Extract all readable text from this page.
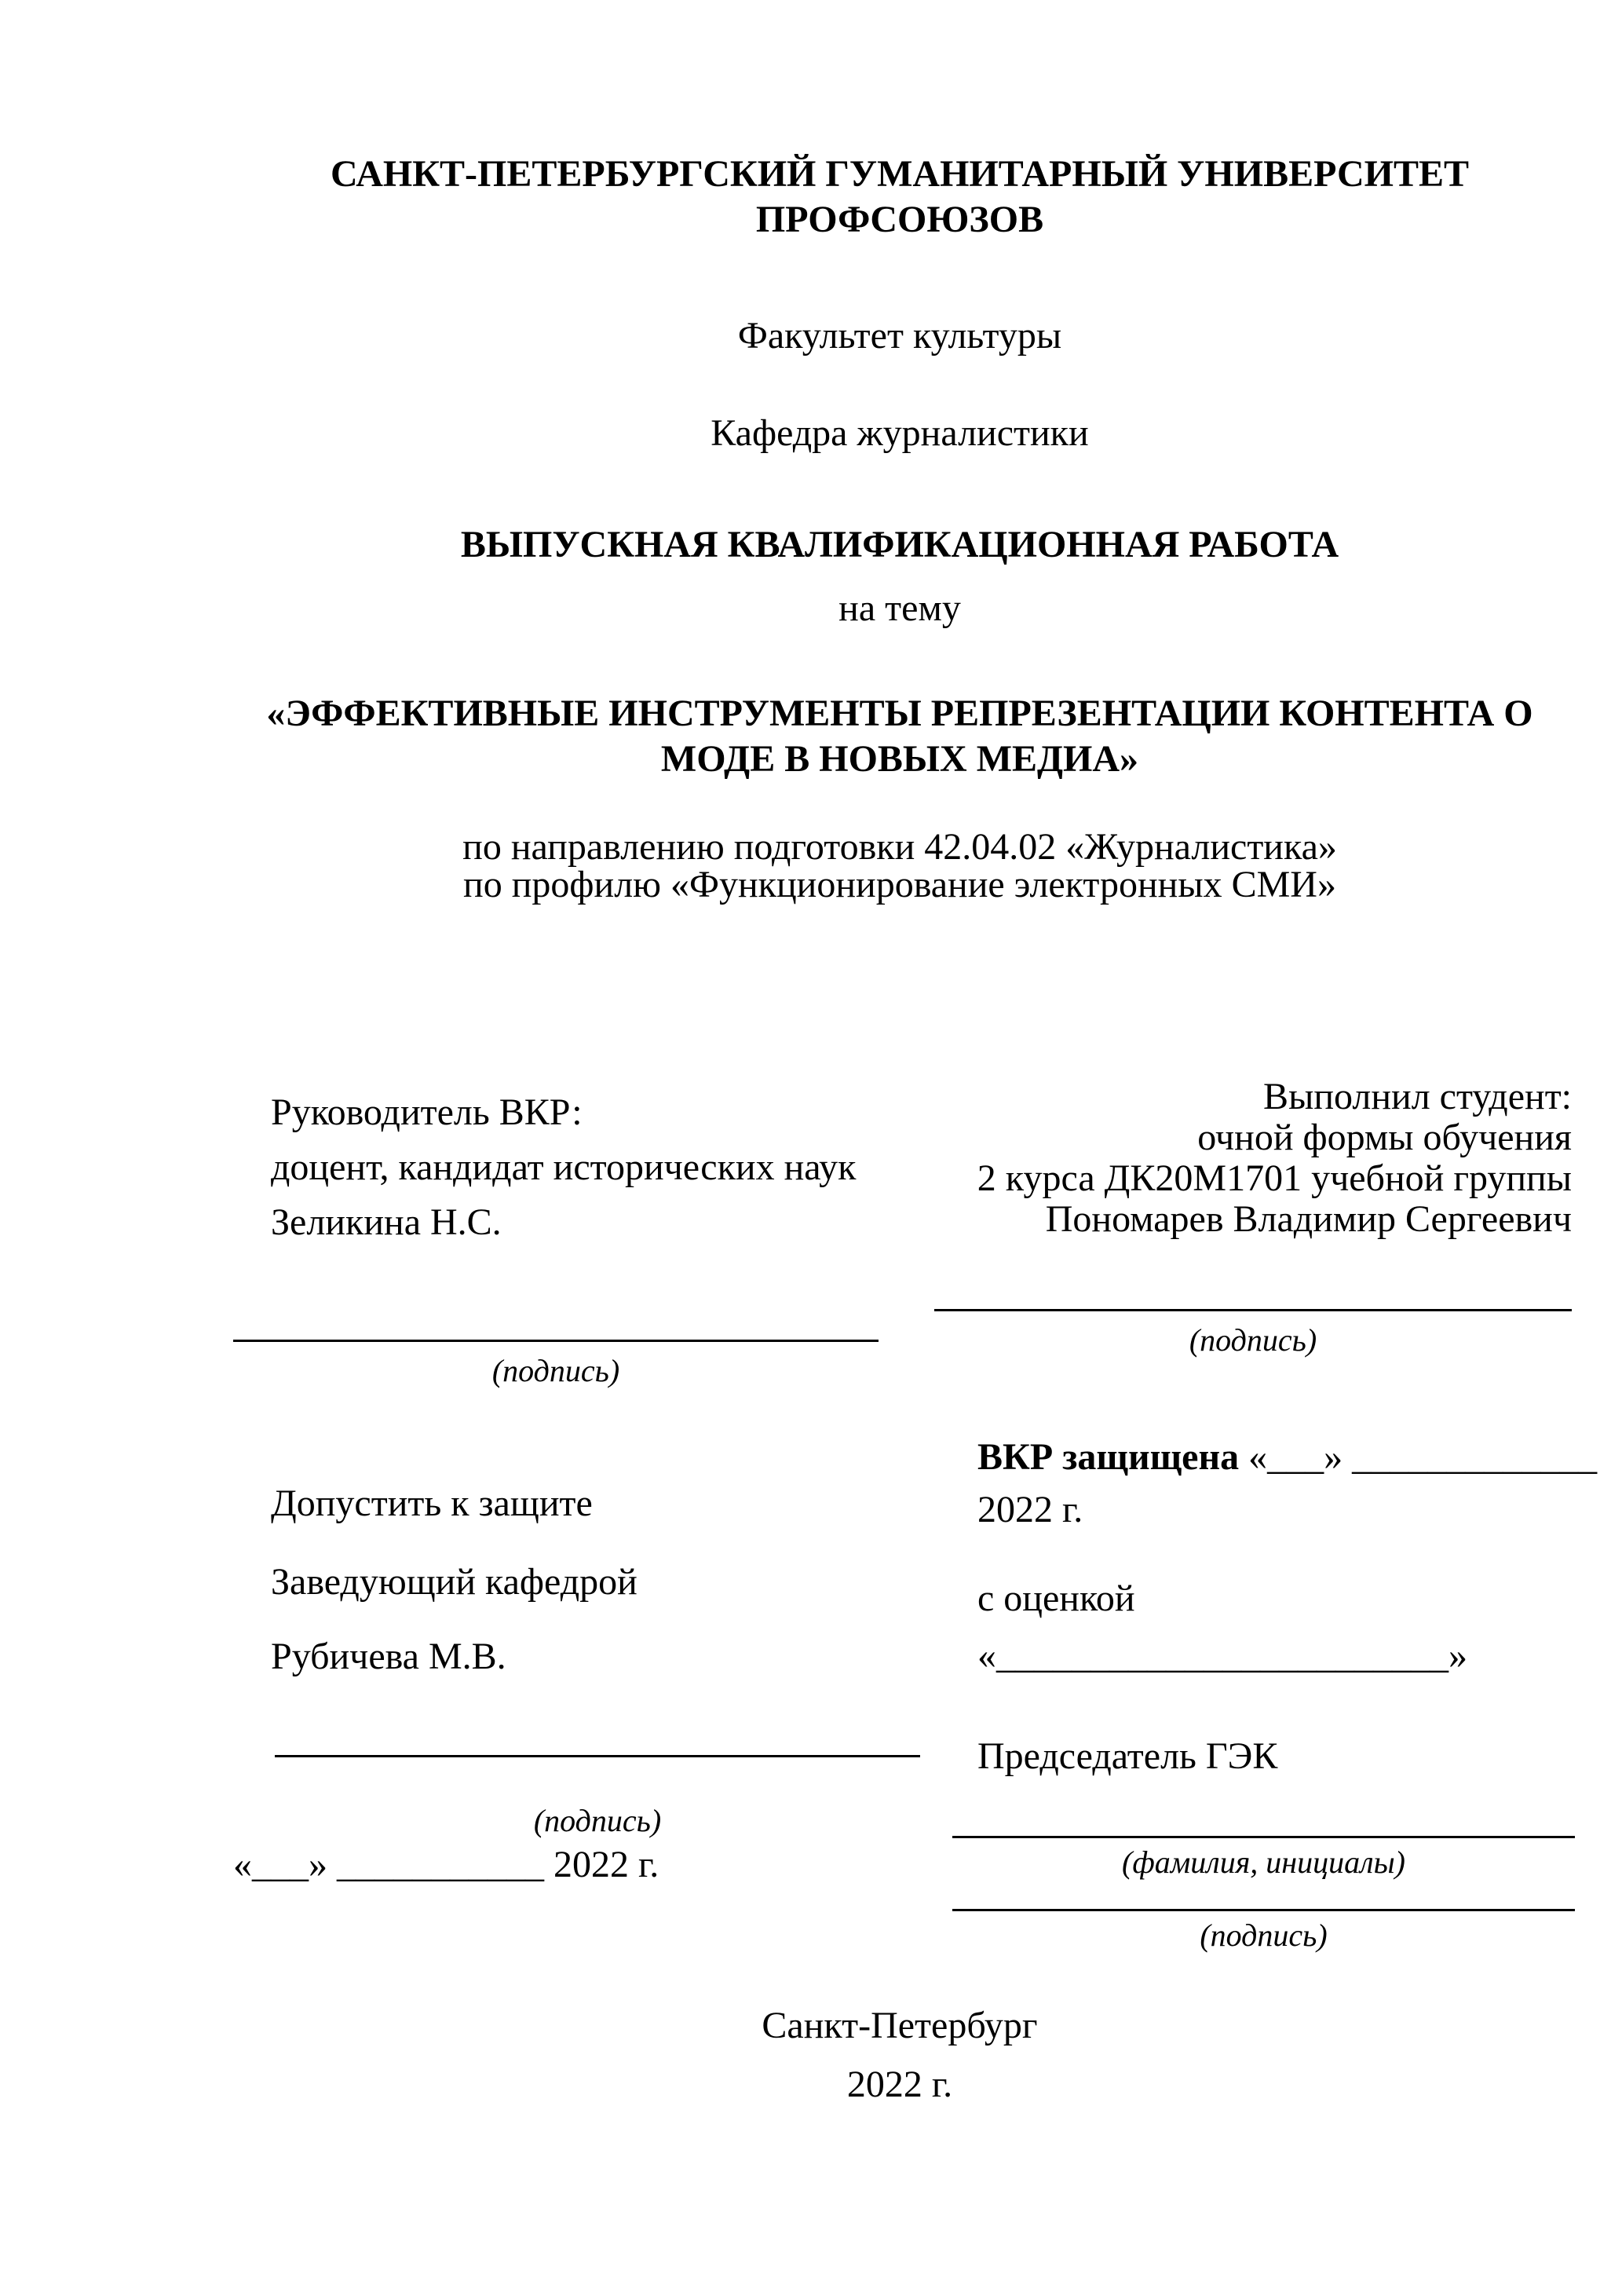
САНКТ-ПЕТЕРБУРГСКИЙ ГУМАНИТАРНЫЙ УНИВЕРСИТЕТ
ПРОФСОЮЗОВ
Факультет культуры
Кафедра журналистики
ВЫПУСКНАЯ КВАЛИФИКАЦИОННАЯ РАБОТА
на тему
«ЭФФЕКТИВНЫЕ ИНСТРУМЕНТЫ РЕПРЕЗЕНТАЦИИ КОНТЕНТА О
МОДЕ В НОВЫХ МЕДИА»
по направлению подготовки 42.04.02 «Журналистика»
по профилю «Функционирование электронных СМИ»
Руководитель ВКР:
доцент, кандидат исторических наук
Зеликина Н.С.
Выполнил студент:
очной формы обучения
2 курса ДК20М1701 учебной группы
Пономарев Владимир Сергеевич
(подпись)
(подпись)
ВКР защищена «___» _____________
2022 г.
Допустить к защите
Заведующий кафедрой
Рубичева М.В.
с оценкой
«________________________»
Председатель ГЭК
(подпись)
«___» ___________ 2022 г.	(фамилия, инициалы)
(подпись)
Санкт-Петербург
2022 г.
